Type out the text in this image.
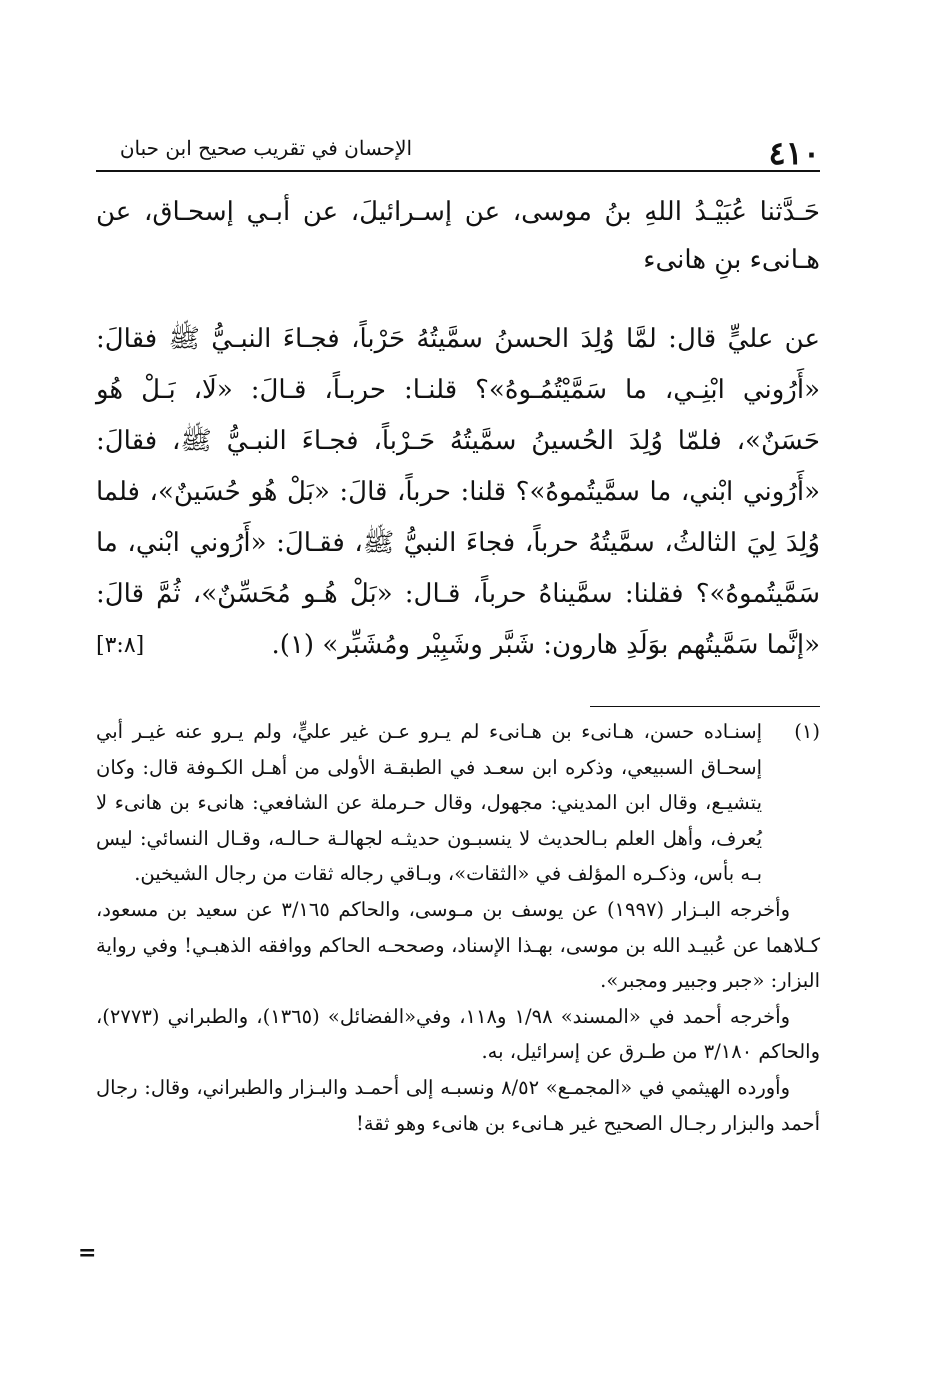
٤١٠
الإحسان في تقريب صحيح ابن حبان

حَـدَّثنا عُبَيْـدُ اللهِ بنُ موسى، عن إسـرائيلَ، عن أبـي إسحـاق، عن هـانىء بنِ هانىء

عن عليٍّ قال: لمَّا وُلِدَ الحسنُ سمَّيتُهُ حَرْباً، فجـاءَ النبـيُّ ﷺ فقالَ: «أَرُوني ابْنِـي، ما سَمَّيْتُمُـوهُ»؟ قلنـا: حربـاً، قـالَ: «لَا، بَـلْ هُو حَسَنٌ»، فلمّا وُلِدَ الحُسينُ سمَّيتُهُ حَـرْباً، فجـاءَ النبـيُّ ﷺ، فقالَ: «أَرُوني ابْني، ما سمَّيتُموهُ»؟ قلنا: حرباً، قالَ: «بَلْ هُو حُسَينٌ»، فلما وُلِدَ لِيَ الثالثُ، سمَّيتُهُ حرباً، فجاءَ النبيُّ ﷺ، فقـالَ: «أَرُوني ابْني، ما سَمَّيتُموهُ»؟ فقلنا: سمَّيناهُ حرباً، قـال: «بَلْ هُـو مُحَسِّنٌ»، ثُمَّ قالَ: «إنَّما سَمَّيتُهم بوَلَدِ هارون: شَبَّر وشَبِيْر ومُشَبِّر» (١).
[٣:٨]

(١)
إسنـاده حسن، هـانىء بن هـانىء لم يـرو عـن غير عليٍّ، ولم يـرو عنه غيـر أبي إسحـاق السبيعي، وذكره ابن سعـد في الطبقـة الأولى من أهـل الكـوفة قال: وكان يتشيـع، وقال ابن المديني: مجهول، وقال حـرملة عن الشافعي: هانىء بن هانىء لا يُعرف، وأهل العلم بـالحديث لا ينسبـون حديثـه لجهالـة حـالـه، وقـال النسائي: ليس بـه بأس، وذكـره المؤلف في «الثقات»، وبـاقي رجاله ثقات من رجال الشيخين.

وأخرجه البـزار (١٩٩٧) عن يوسف بن مـوسى، والحاكم ٣/١٦٥ عن سعيد بن مسعود، كـلاهما عن عُبيـد الله بن موسى، بهـذا الإسناد، وصححـه الحاكم ووافقه الذهبـي! وفي رواية البزار: «جبر وجبير ومجبر».

وأخرجه أحمد في «المسند» ١/٩٨ و١١٨، وفي«الفضائل» (١٣٦٥)، والطبراني (٢٧٧٣)، والحاكم ٣/١٨٠ من طـرق عن إسرائيل، به.

وأورده الهيثمي في «المجمـع» ٨/٥٢ ونسبـه إلى أحمـد والبـزار والطبراني، وقال: رجال أحمد والبزار رجـال الصحيح غير هـانىء بن هانىء وهو ثقة!

=
